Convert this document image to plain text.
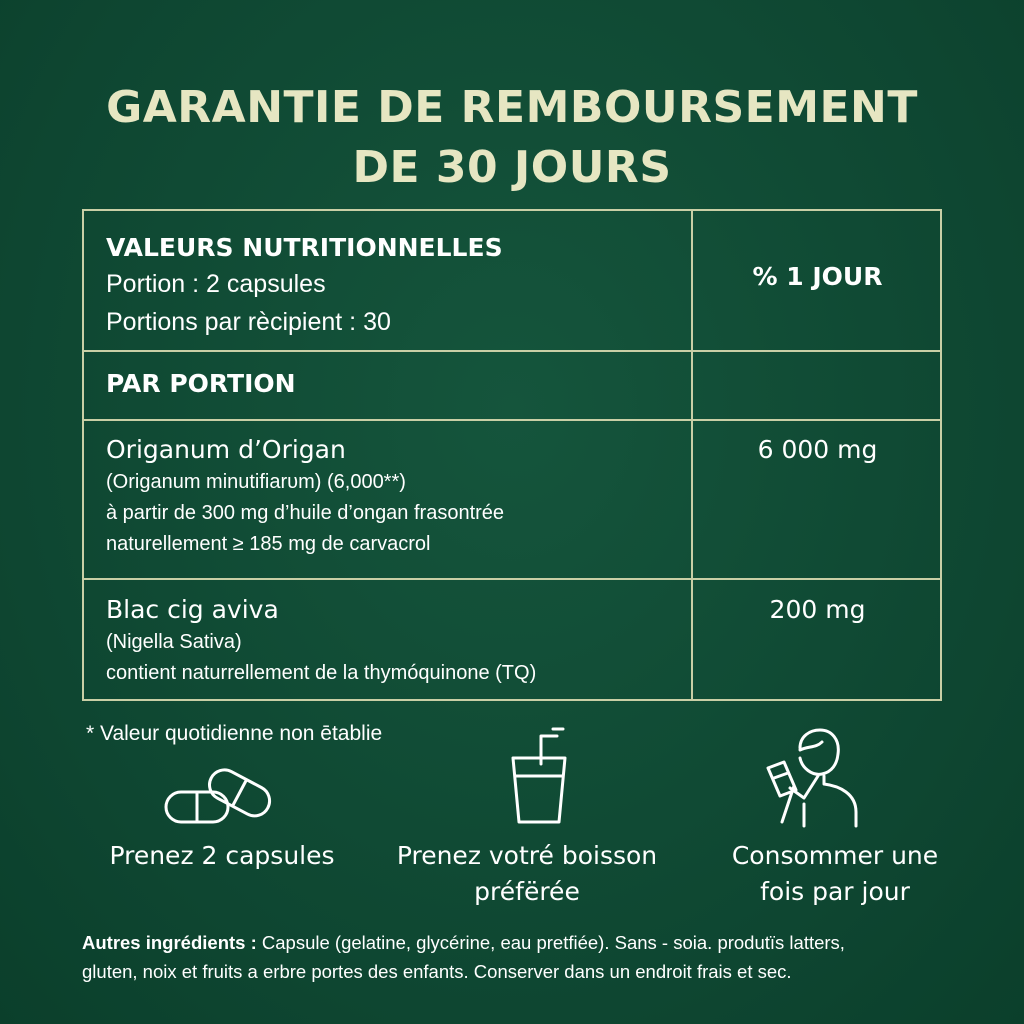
GARANTIE DE REMBOURSEMENT
DE 30 JOURS
VALEURS NUTRITIONNELLES
Portion : 2 capsules
Portions par rècipient : 30
% 1 JOUR
PAR PORTION
Origanum d’Origan
(Origanum minutifiarυm) (6,000**)
à partir de 300 mg d’huile d’ongan frasontrée
naturellement ≥ 185 mg de carvacrol
6 000 mg
Blac cig aviva
(Nigella Sativa)
contient naturrellement de la thymóquinone (TQ)
200 mg
* Valeur quotidienne non ētablie
Prenez 2 capsules	Prenez votré boisson
préfërée
Consommer une
fois par jour
Autres ingrédients : Capsule (gelatine, glycérine, eau pretfiée). Sans - soia. produtïs latters,
gluten, noix et fruits a erbre portes des enfants. Conserver dans un endroit frais et sec.
